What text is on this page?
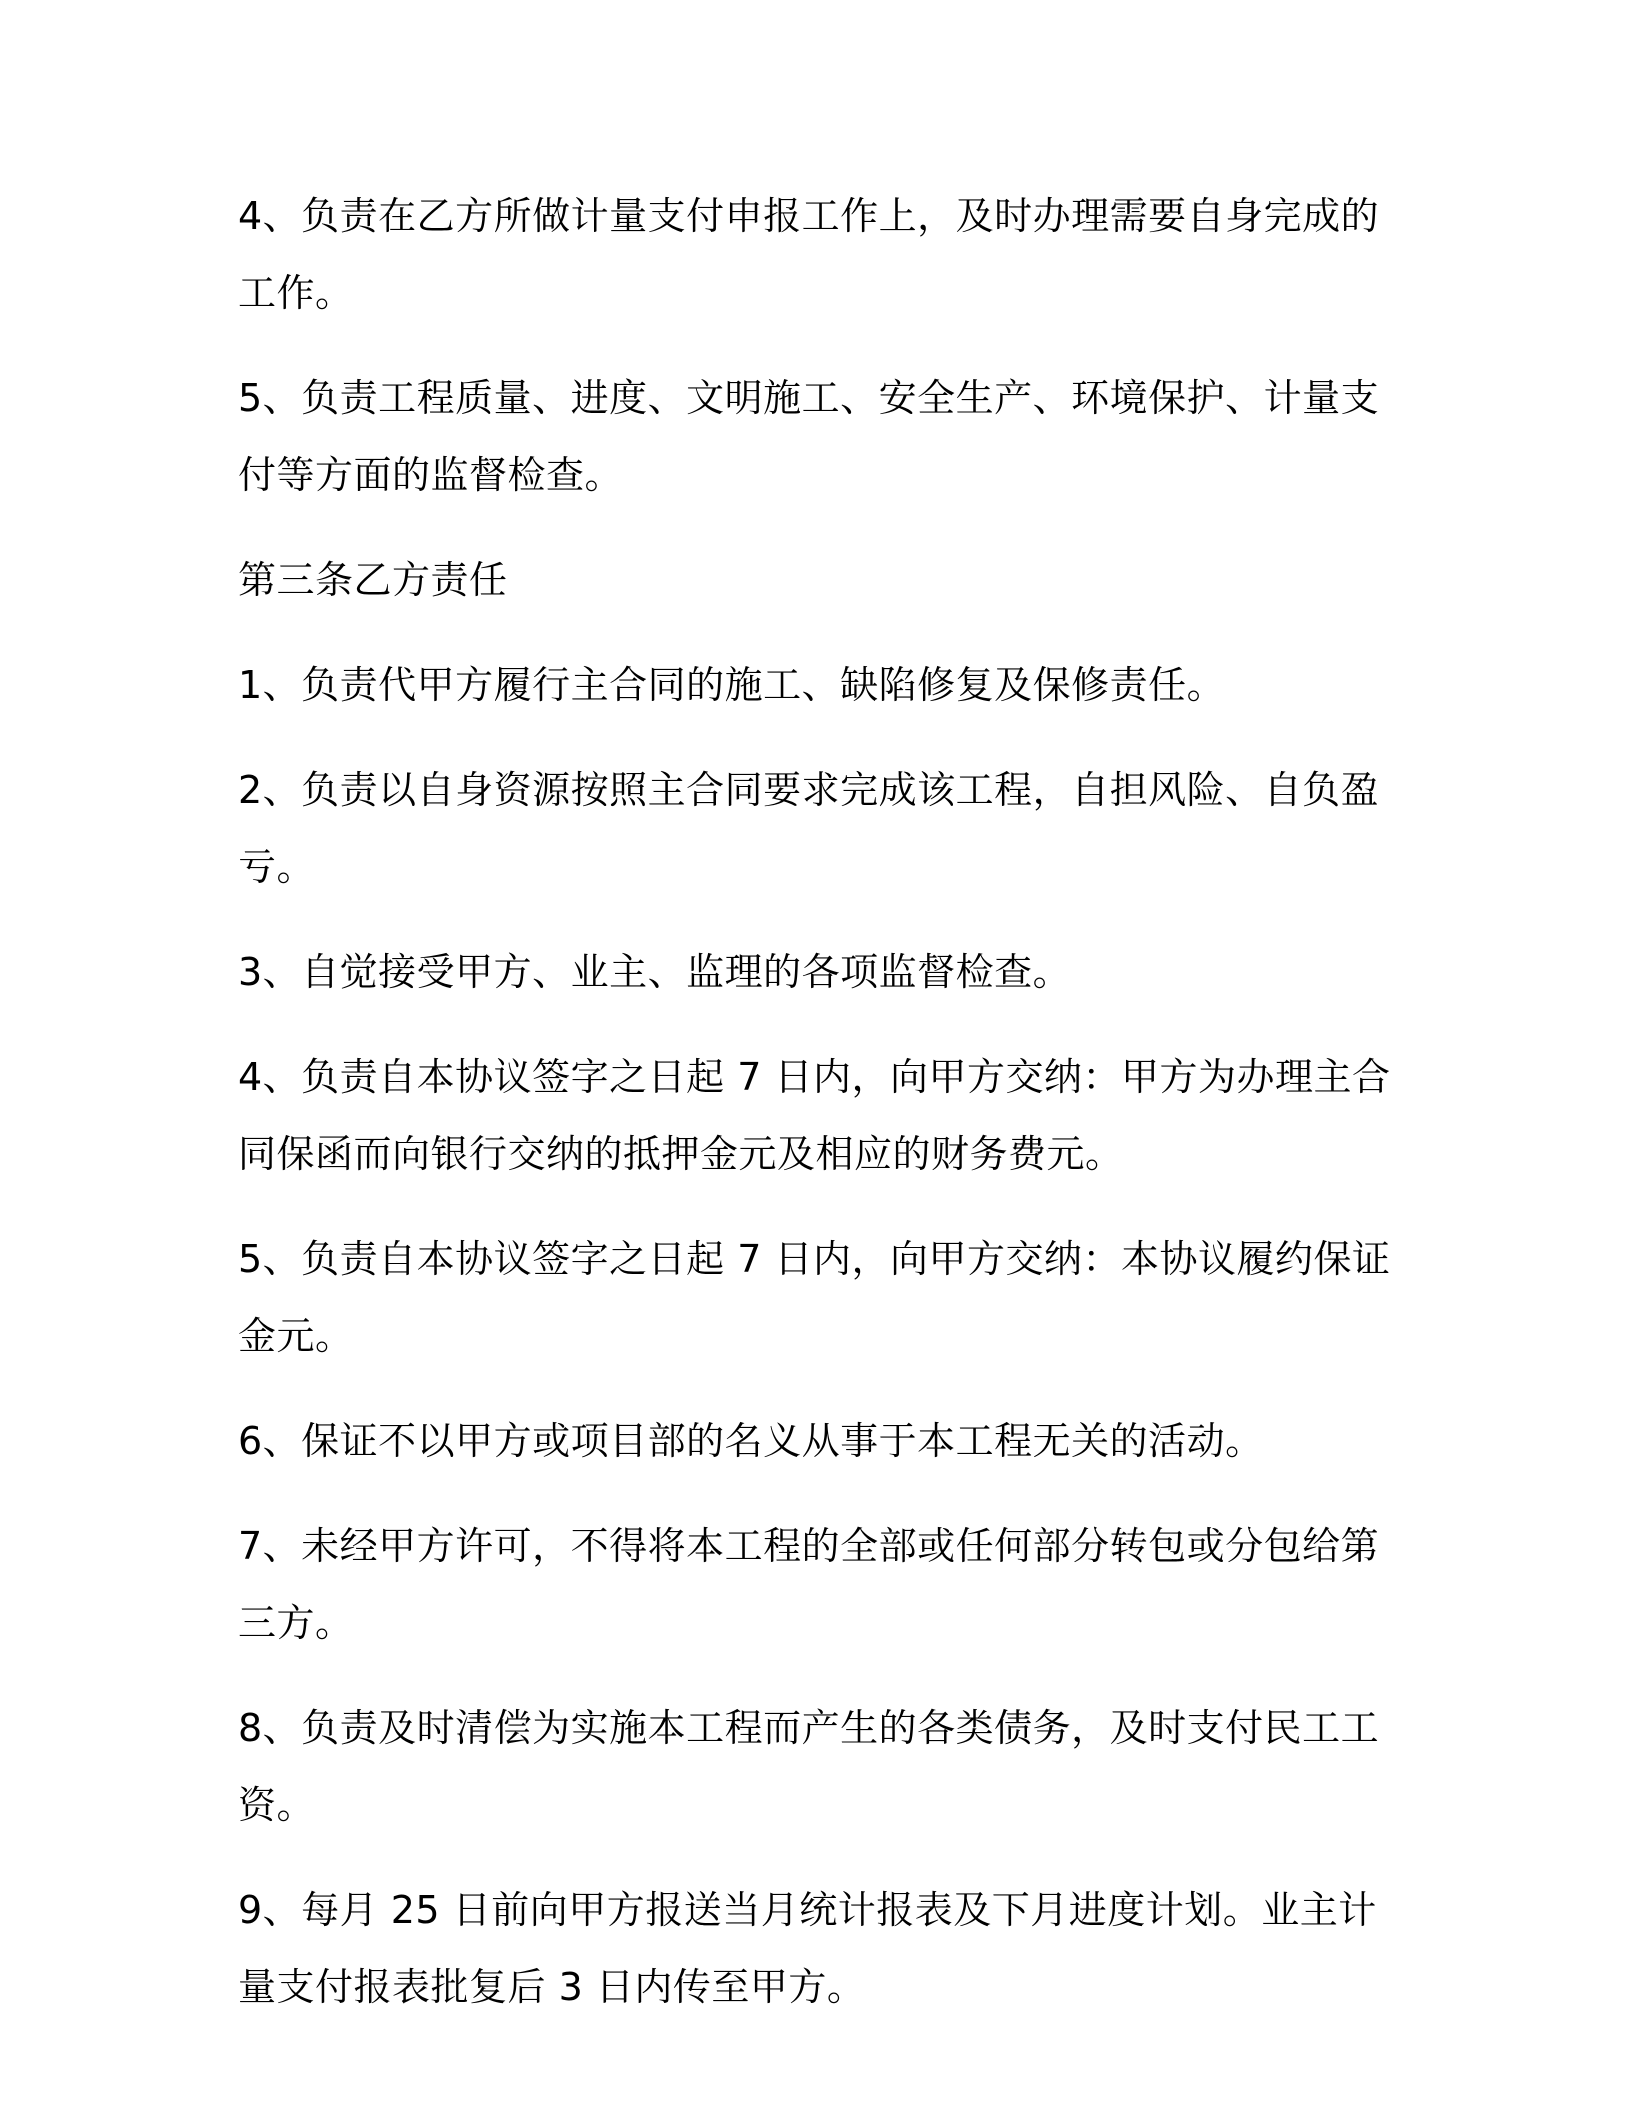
4、负责在乙方所做计量支付申报工作上，及时办理需要自身完成的工作。

5、负责工程质量、进度、文明施工、安全生产、环境保护、计量支付等方面的监督检查。

第三条乙方责任

1、负责代甲方履行主合同的施工、缺陷修复及保修责任。

2、负责以自身资源按照主合同要求完成该工程，自担风险、自负盈亏。

3、自觉接受甲方、业主、监理的各项监督检查。

4、负责自本协议签字之日起 7 日内，向甲方交纳：甲方为办理主合同保函而向银行交纳的抵押金元及相应的财务费元。

5、负责自本协议签字之日起 7 日内，向甲方交纳：本协议履约保证金元。

6、保证不以甲方或项目部的名义从事于本工程无关的活动。

7、未经甲方许可，不得将本工程的全部或任何部分转包或分包给第三方。

8、负责及时清偿为实施本工程而产生的各类债务，及时支付民工工资。

9、每月 25 日前向甲方报送当月统计报表及下月进度计划。业主计量支付报表批复后 3 日内传至甲方。
